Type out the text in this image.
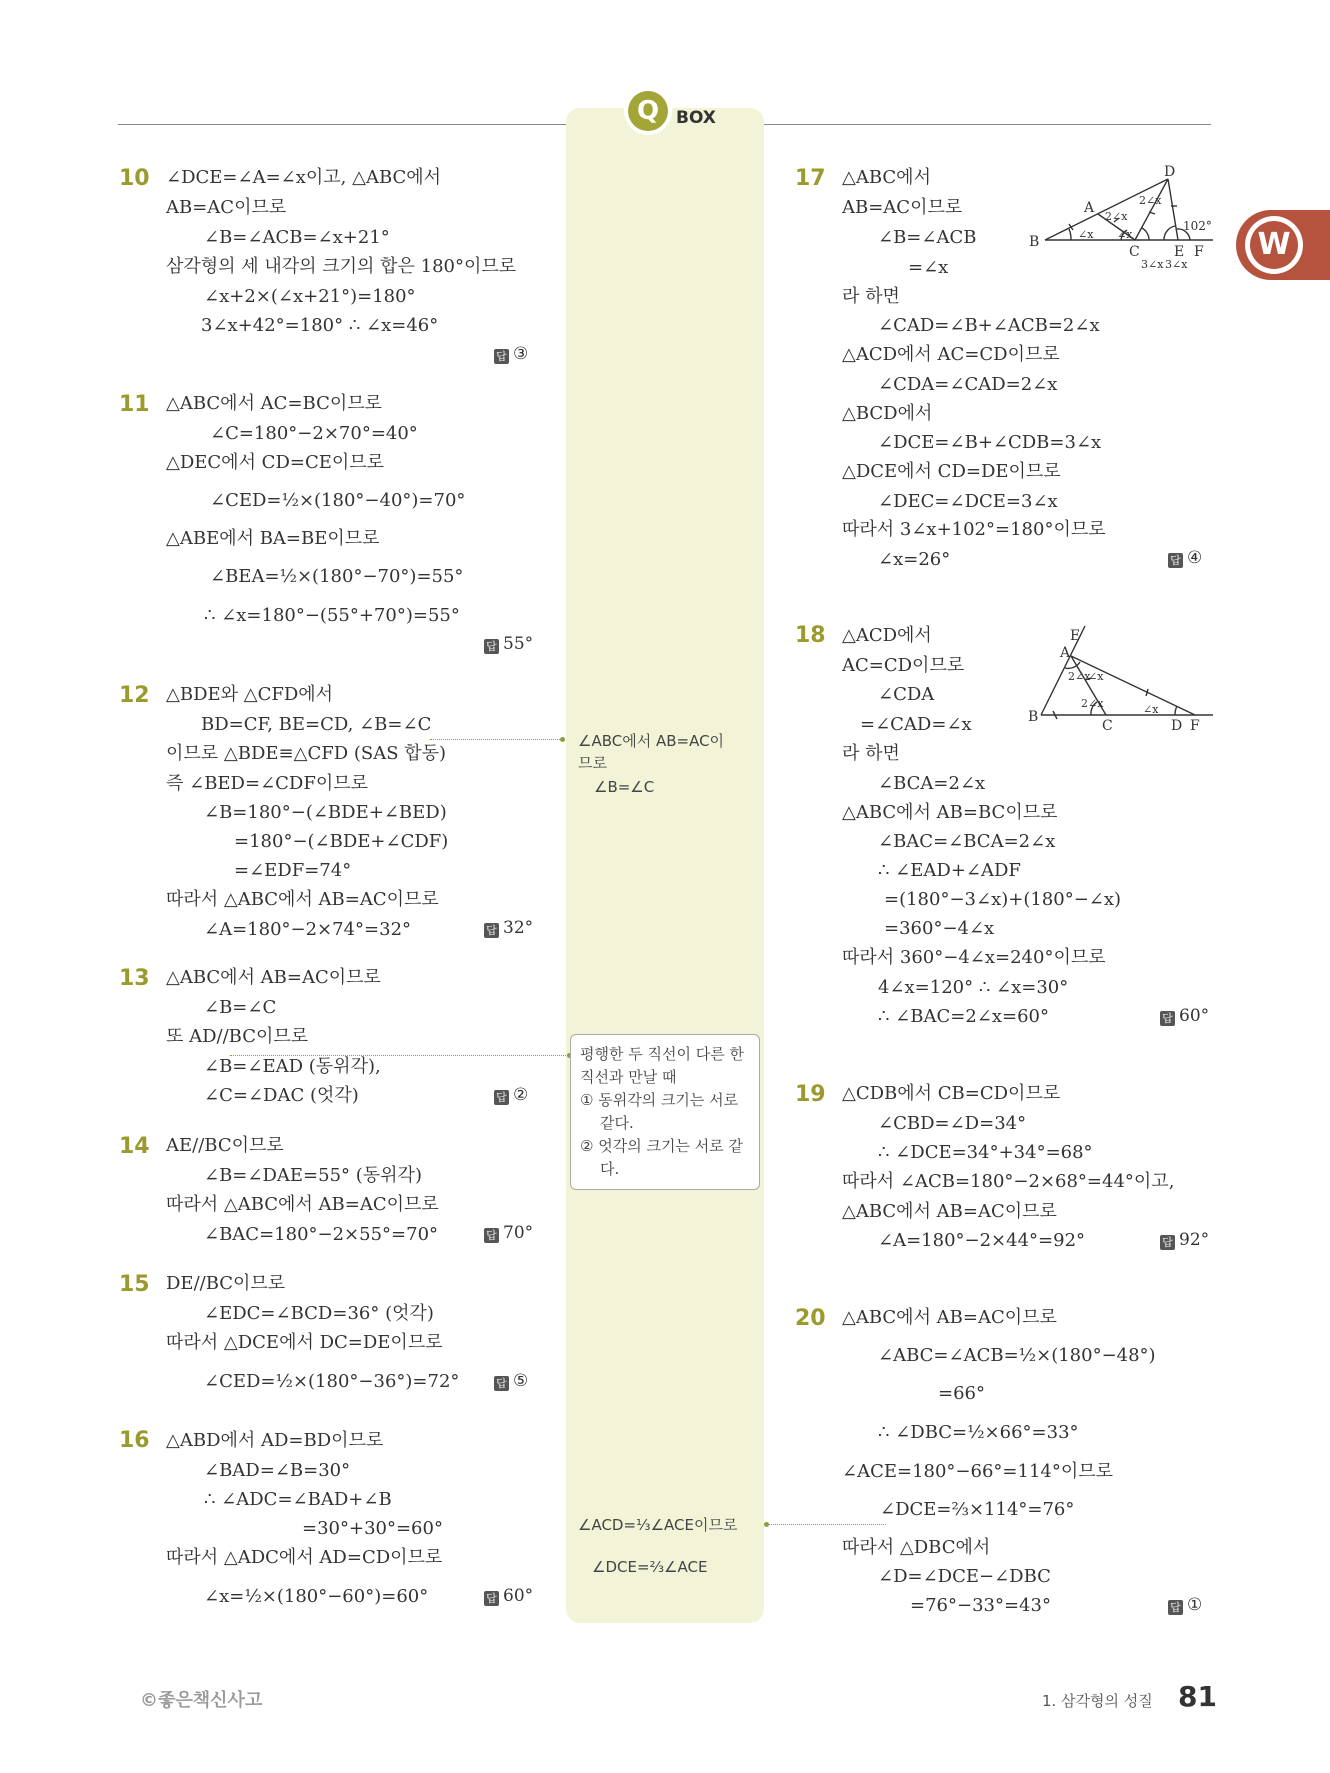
Q BOX
W
10 ∠DCE=∠A=∠x이고, △ABC에서
AB=AC이므로
∠B=∠ACB=∠x+21°
삼각형의 세 내각의 크기의 합은 180°이므로
∠x+2×(∠x+21°)=180°
3∠x+42°=180° ∴ ∠x=46°
답 ③
11 △ABC에서 AC=BC이므로
∠C=180°−2×70°=40°
△DEC에서 CD=CE이므로
∠CED=½×(180°−40°)=70°
△ABE에서 BA=BE이므로
∠BEA=½×(180°−70°)=55°
∴ ∠x=180°−(55°+70°)=55°
답 55°
12 △BDE와 △CFD에서
BD=CF, BE=CD, ∠B=∠C
이므로 △BDE≡△CFD (SAS 합동)
즉 ∠BED=∠CDF이므로
∠B=180°−(∠BDE+∠BED)
=180°−(∠BDE+∠CDF)
=∠EDF=74°
따라서 △ABC에서 AB=AC이므로
∠A=180°−2×74°=32°	답 32°
13 △ABC에서 AB=AC이므로
∠B=∠C
또 AD//BC이므로
∠B=∠EAD (동위각),
∠C=∠DAC (엇각)	답 ②
14 AE//BC이므로
∠B=∠DAE=55° (동위각)
따라서 △ABC에서 AB=AC이므로
∠BAC=180°−2×55°=70°	답 70°
15 DE//BC이므로
∠EDC=∠BCD=36° (엇각)
따라서 △DCE에서 DC=DE이므로
∠CED=½×(180°−36°)=72°	답 ⑤
16 △ABD에서 AD=BD이므로
∠BAD=∠B=30°
∴ ∠ADC=∠BAD+∠B
=30°+30°=60°
따라서 △ADC에서 AD=CD이므로
∠x=½×(180°−60°)=60°	답 60°
17 △ABC에서
AB=AC이므로
∠B=∠ACB
=∠x
라 하면
∠CAD=∠B+∠ACB=2∠x
△ACD에서 AC=CD이므로
∠CDA=∠CAD=2∠x
△BCD에서
∠DCE=∠B+∠CDB=3∠x
△DCE에서 CD=DE이므로
∠DEC=∠DCE=3∠x
따라서 3∠x+102°=180°이므로
∠x=26°	답 ④
D
A
B
C E F
2∠x
2∠x
∠x ∠x
102°
3∠x 3∠x
18 △ACD에서
AC=CD이므로
∠CDA
=∠CAD=∠x
라 하면
∠BCA=2∠x
△ABC에서 AB=BC이므로
∠BAC=∠BCA=2∠x
∴ ∠EAD+∠ADF
=(180°−3∠x)+(180°−∠x)
=360°−4∠x
따라서 360°−4∠x=240°이므로
4∠x=120° ∴ ∠x=30°
∴ ∠BAC=2∠x=60°	답 60°
E
A
B
C	D F
2∠x
∠x
2∠x	∠x
19 △CDB에서 CB=CD이므로
∠CBD=∠D=34°
∴ ∠DCE=34°+34°=68°
따라서 ∠ACB=180°−2×68°=44°이고,
△ABC에서 AB=AC이므로
∠A=180°−2×44°=92°	답 92°
20 △ABC에서 AB=AC이므로
∠ABC=∠ACB=½×(180°−48°)
=66°
∴ ∠DBC=½×66°=33°
∠ACE=180°−66°=114°이므로
∠DCE=⅔×114°=76°
따라서 △DBC에서
∠D=∠DCE−∠DBC
=76°−33°=43°	답 ①
∠ABC에서 AB=AC이
므로
∠B=∠C
평행한 두 직선이 다른 한
직선과 만날 때
① 동위각의 크기는 서로
같다.
② 엇각의 크기는 서로 같
다.
∠ACD=⅓∠ACE이므로
∠DCE=⅔∠ACE
©좋은책신사고	1. 삼각형의 성질 81
